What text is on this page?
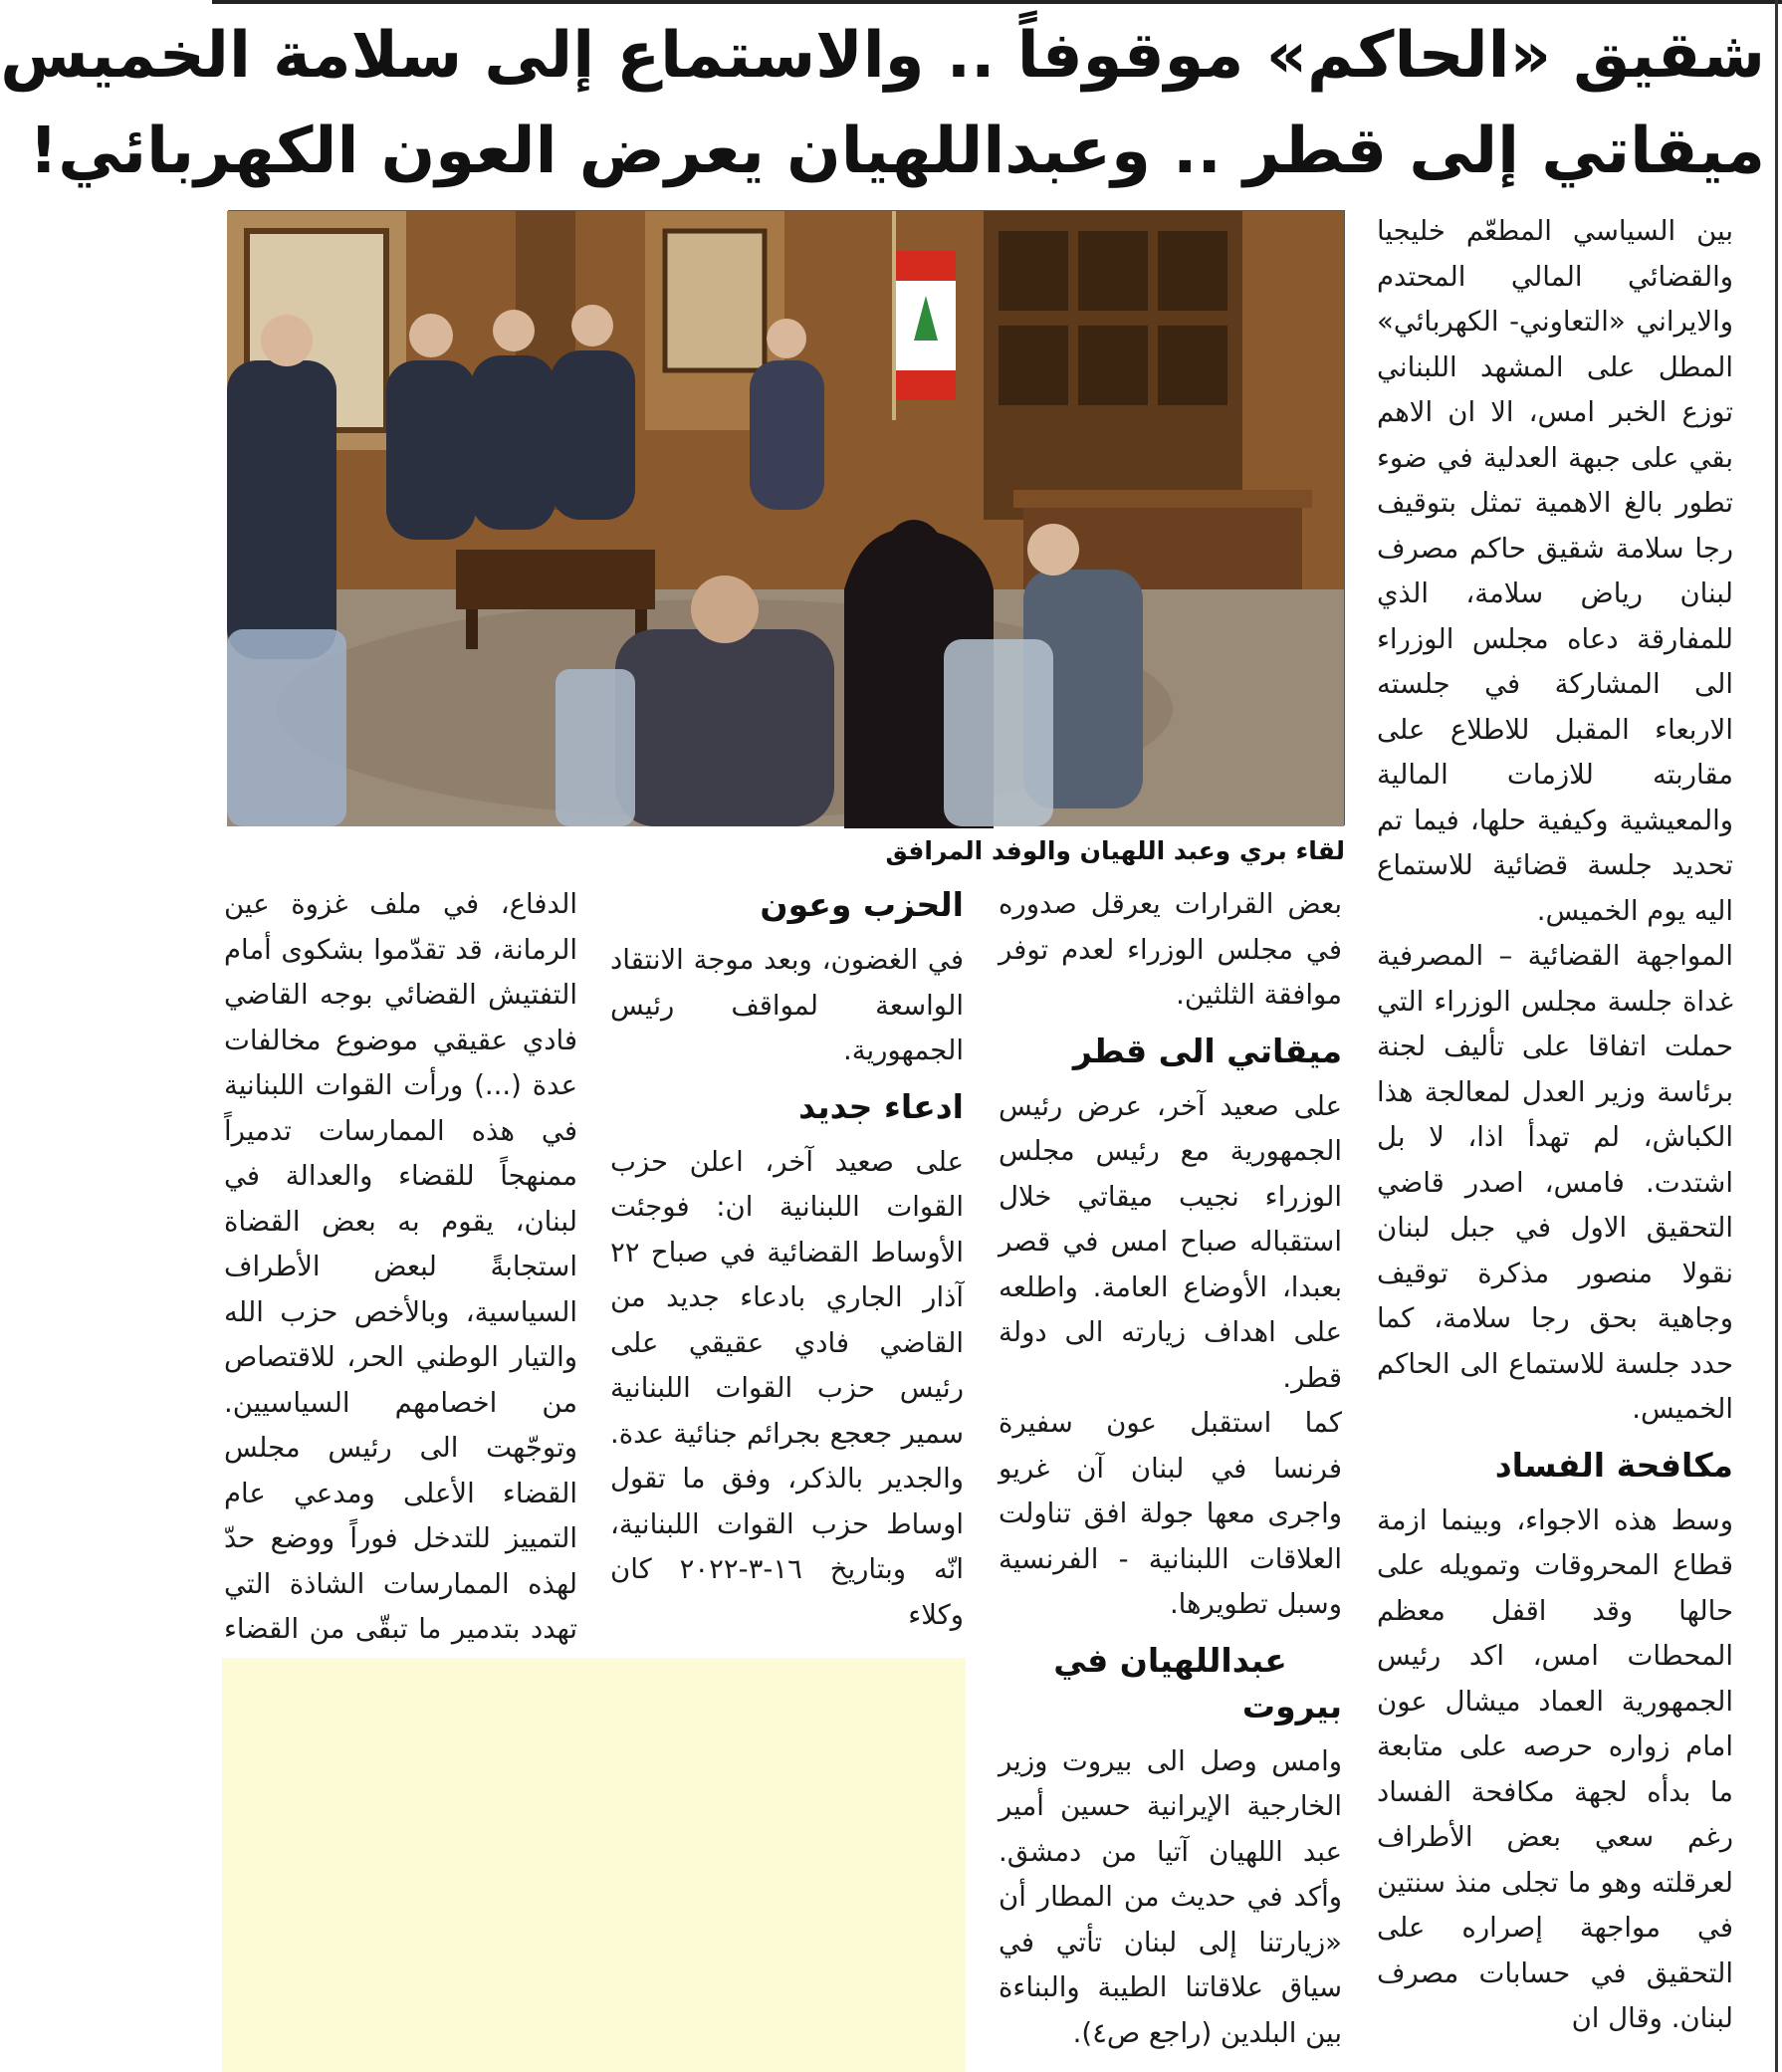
شقيق «الحاكم» موقوفاً .. والاستماع إلى سلامة الخميس
ميقاتي إلى قطر .. وعبداللهيان يعرض العون الكهربائي!
لقاء بري وعبد اللهيان والوفد المرافق

بين السياسي المطعّم خليجيا والقضائي المالي المحتدم والايراني «التعاوني- الكهربائي» المطل على المشهد اللبناني توزع الخبر امس، الا ان الاهم بقي على جبهة العدلية في ضوء تطور بالغ الاهمية تمثل بتوقيف رجا سلامة شقيق حاكم مصرف لبنان رياض سلامة، الذي للمفارقة دعاه مجلس الوزراء الى المشاركة في جلسته الاربعاء المقبل للاطلاع على مقاربته للازمات المالية والمعيشية وكيفية حلها، فيما تم تحديد جلسة قضائية للاستماع اليه يوم الخميس.

المواجهة القضائية – المصرفية غداة جلسة مجلس الوزراء التي حملت اتفاقا على تأليف لجنة برئاسة وزير العدل لمعالجة هذا الكباش، لم تهدأ اذا، لا بل اشتدت. فامس، اصدر قاضي التحقيق الاول في جبل لبنان نقولا منصور مذكرة توقيف وجاهية بحق رجا سلامة، كما حدد جلسة للاستماع الى الحاكم الخميس.

مكافحة الفساد

وسط هذه الاجواء، وبينما ازمة قطاع المحروقات وتمويله على حالها وقد اقفل معظم المحطات امس، اكد رئيس الجمهورية العماد ميشال عون امام زواره حرصه على متابعة ما بدأه لجهة مكافحة الفساد رغم سعي بعض الأطراف لعرقلته وهو ما تجلى منذ سنتين في مواجهة إصراره على التحقيق في حسابات مصرف لبنان. وقال ان

بعض القرارات يعرقل صدوره في مجلس الوزراء لعدم توفر موافقة الثلثين.

ميقاتي الى قطر

على صعيد آخر، عرض رئيس الجمهورية مع رئيس مجلس الوزراء نجيب ميقاتي خلال استقباله صباح امس في قصر بعبدا، الأوضاع العامة. واطلعه على اهداف زيارته الى دولة قطر.

كما استقبل عون سفيرة فرنسا في لبنان آن غريو واجرى معها جولة افق تناولت العلاقات اللبنانية - الفرنسية وسبل تطويرها.

عبداللهيان في بيروت

وامس وصل الى بيروت وزير الخارجية الإيرانية حسين أمير عبد اللهيان آتيا من دمشق. وأكد في حديث من المطار أن «زيارتنا إلى لبنان تأتي في سياق علاقاتنا الطيبة والبناءة بين البلدين (راجع ص٤).

الحزب وعون

في الغضون، وبعد موجة الانتقاد الواسعة لمواقف رئيس الجمهورية.

ادعاء جديد

على صعيد آخر، اعلن حزب القوات اللبنانية ان: فوجئت الأوساط القضائية في صباح ٢٢ آذار الجاري بادعاء جديد من القاضي فادي عقيقي على رئيس حزب القوات اللبنانية سمير جعجع بجرائم جنائية عدة. والجدير بالذكر، وفق ما تقول اوساط حزب القوات اللبنانية، انّه وبتاريخ ١٦-٣-٢٠٢٢ كان وكلاء

الدفاع، في ملف غزوة عين الرمانة، قد تقدّموا بشكوى أمام التفتيش القضائي بوجه القاضي فادي عقيقي موضوع مخالفات عدة (...) ورأت القوات اللبنانية في هذه الممارسات تدميراً ممنهجاً للقضاء والعدالة في لبنان، يقوم به بعض القضاة استجابةً لبعض الأطراف السياسية، وبالأخص حزب الله والتيار الوطني الحر، للاقتصاص من اخصامهم السياسيين. وتوجّهت الى رئيس مجلس القضاء الأعلى ومدعي عام التمييز للتدخل فوراً ووضع حدّ لهذه الممارسات الشاذة التي تهدد بتدمير ما تبقّى من القضاء
